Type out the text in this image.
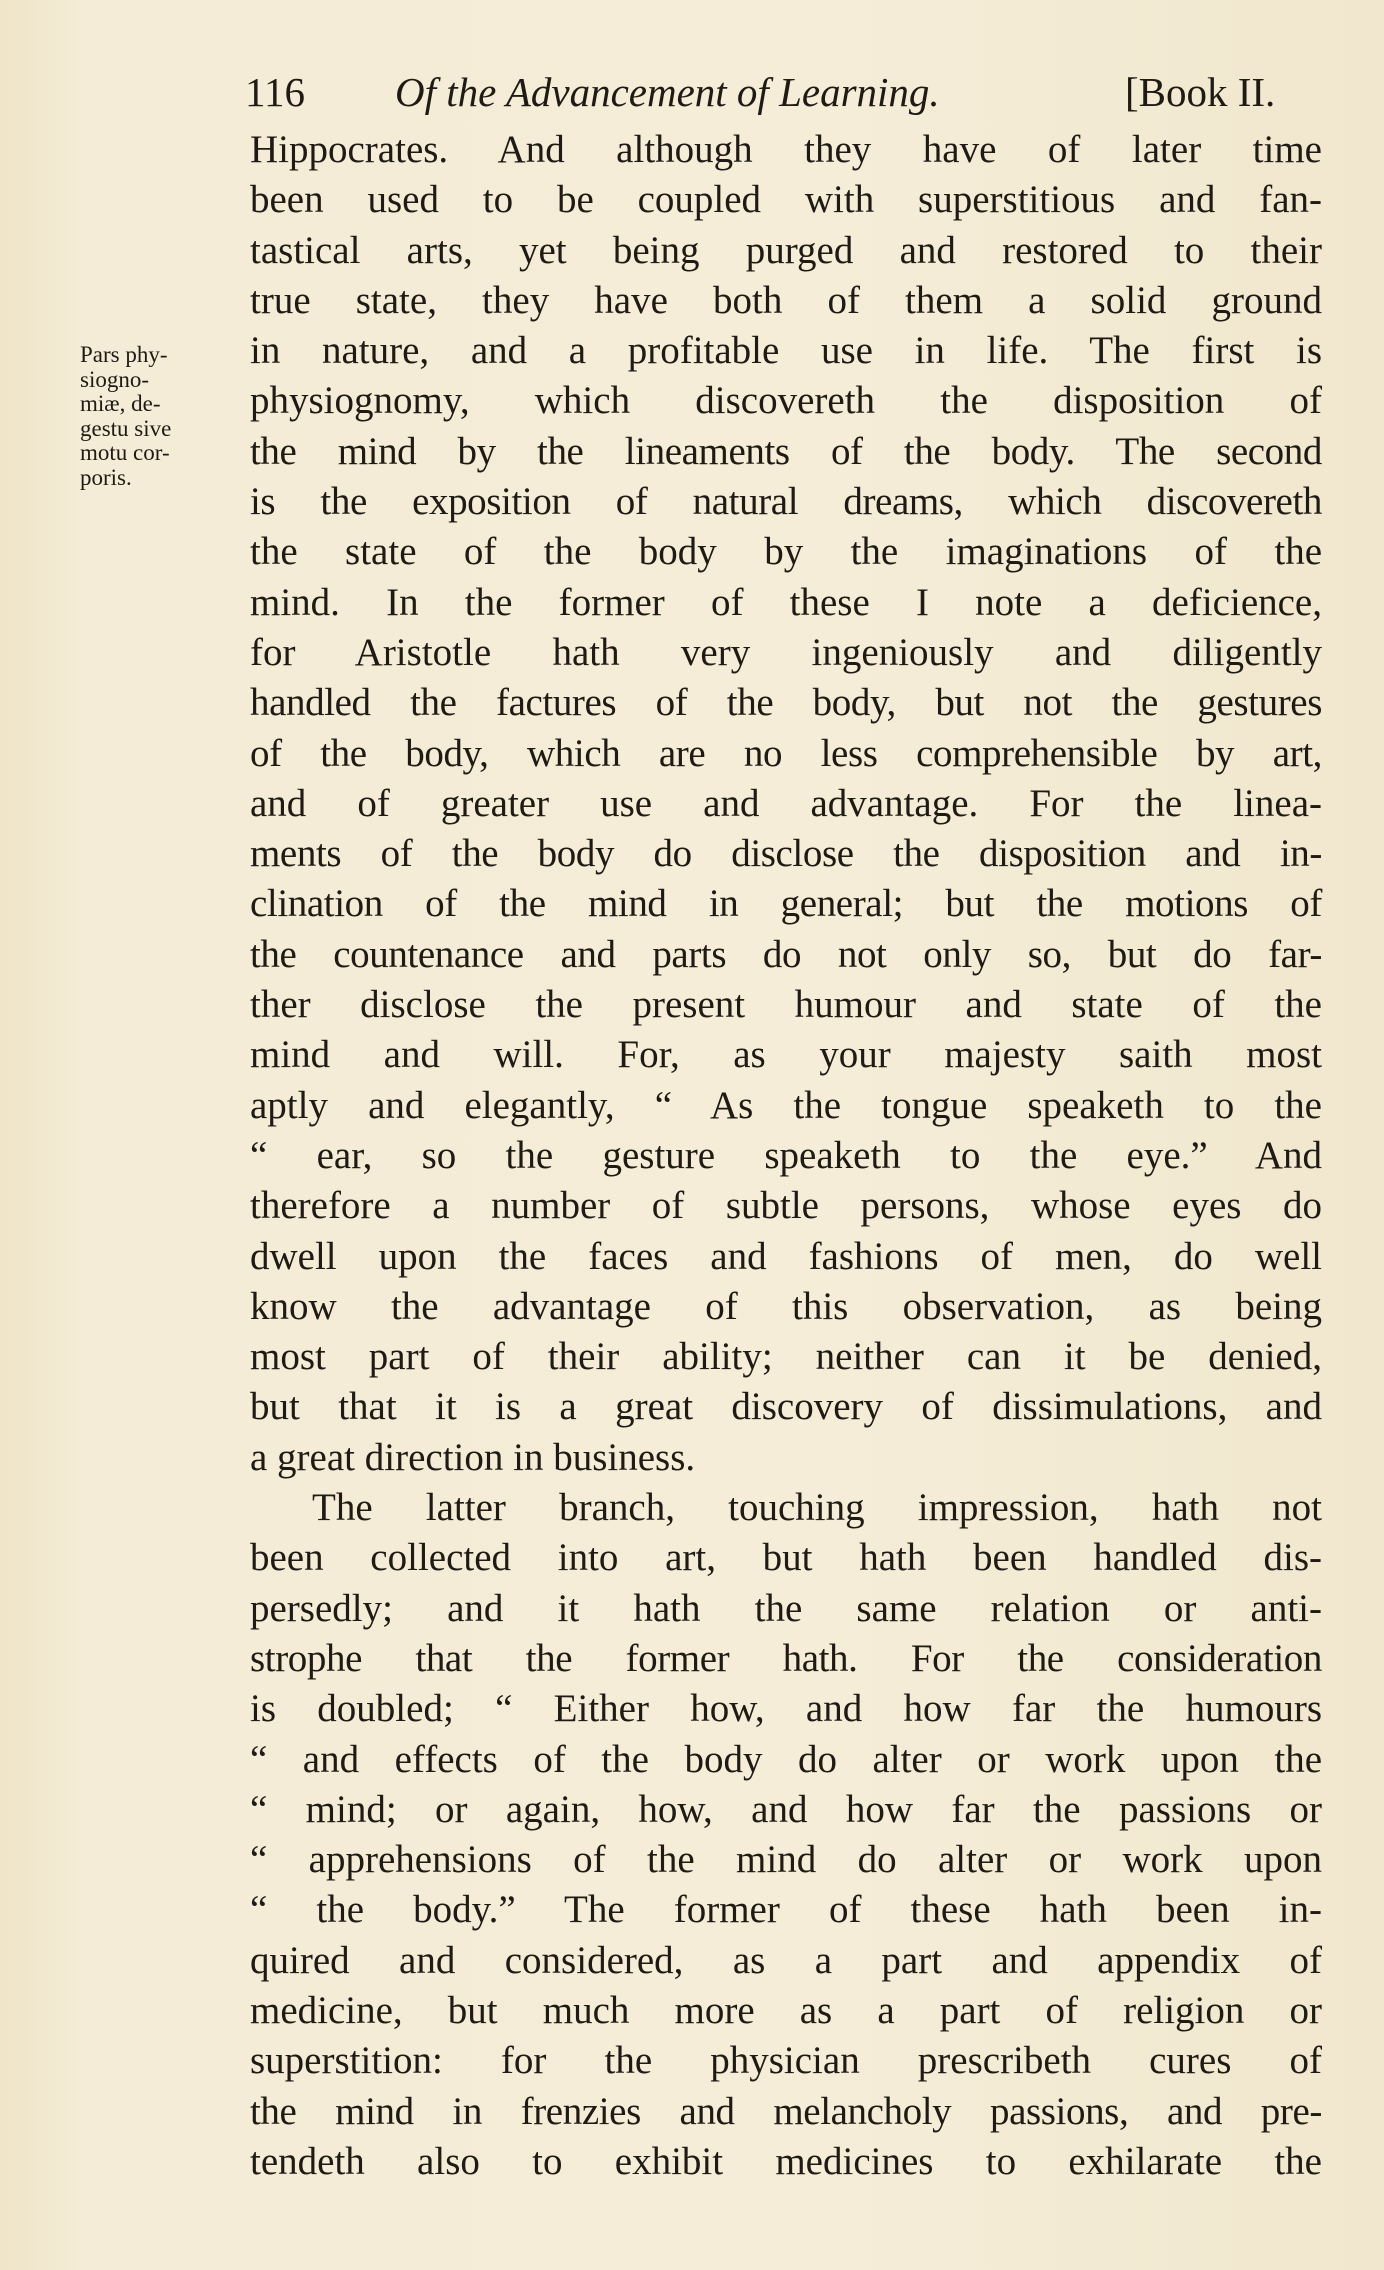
116 Of the Advancement of Learning.	[Book II.
Pars phy-
siogno-
miæ, de-
gestu sive
motu cor-
poris.
Hippocrates. And although they have of later time
been used to be coupled with superstitious and fan-
tastical arts, yet being purged and restored to their
true state, they have both of them a solid ground
in nature, and a profitable use in life. The first is
physiognomy, which discovereth the disposition of
the mind by the lineaments of the body. The second
is the exposition of natural dreams, which discovereth
the state of the body by the imaginations of the
mind. In the former of these I note a deficience,
for Aristotle hath very ingeniously and diligently
handled the factures of the body, but not the gestures
of the body, which are no less comprehensible by art,
and of greater use and advantage. For the linea-
ments of the body do disclose the disposition and in-
clination of the mind in general; but the motions of
the countenance and parts do not only so, but do far-
ther disclose the present humour and state of the
mind and will. For, as your majesty saith most
aptly and elegantly, “ As the tongue speaketh to the
“ ear, so the gesture speaketh to the eye.” And
therefore a number of subtle persons, whose eyes do
dwell upon the faces and fashions of men, do well
know the advantage of this observation, as being
most part of their ability; neither can it be denied,
but that it is a great discovery of dissimulations, and
a great direction in business.
The latter branch, touching impression, hath not
been collected into art, but hath been handled dis-
persedly; and it hath the same relation or anti-
strophe that the former hath. For the consideration
is doubled; “ Either how, and how far the humours
“ and effects of the body do alter or work upon the
“ mind; or again, how, and how far the passions or
“ apprehensions of the mind do alter or work upon
“ the body.” The former of these hath been in-
quired and considered, as a part and appendix of
medicine, but much more as a part of religion or
superstition: for the physician prescribeth cures of
the mind in frenzies and melancholy passions, and pre-
tendeth also to exhibit medicines to exhilarate the
